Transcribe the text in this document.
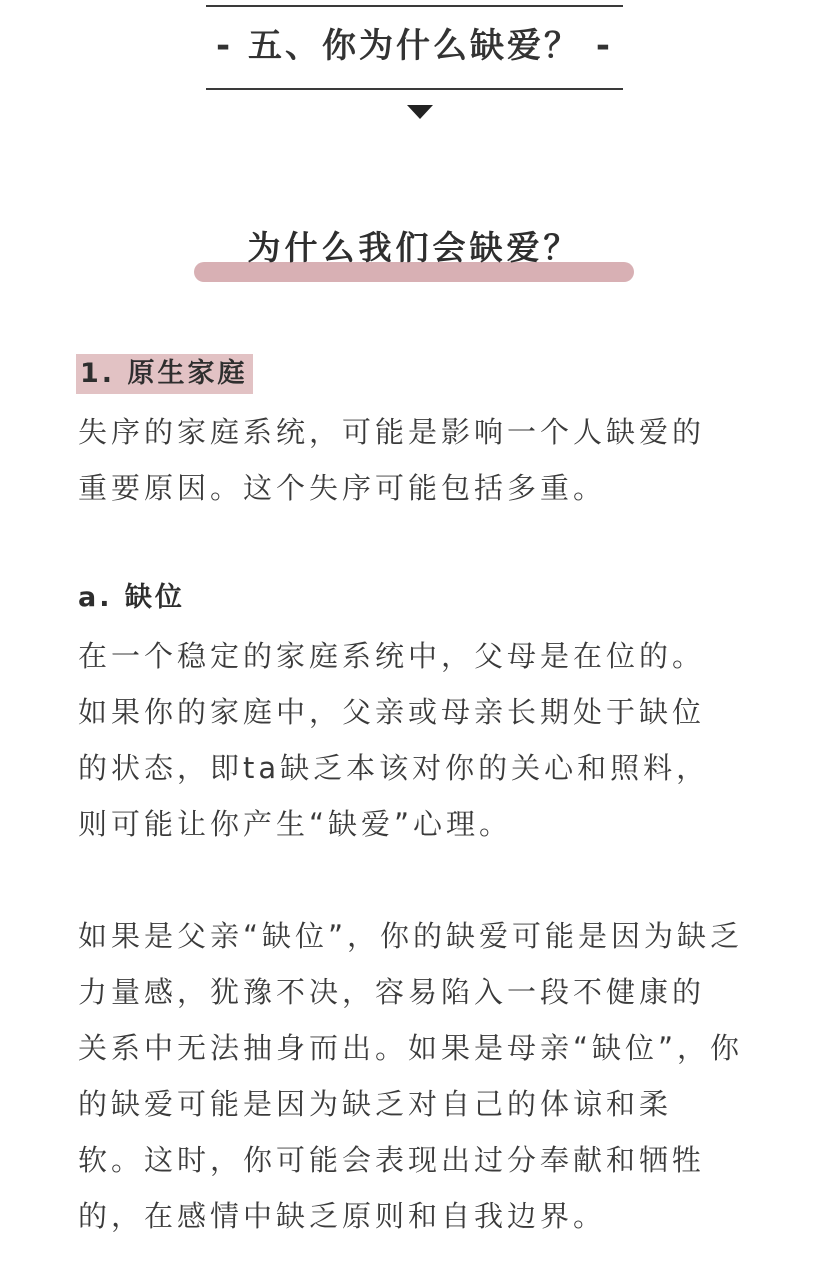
- 五、你为什么缺爱？ -
为什么我们会缺爱？
1. 原生家庭
失序的家庭系统，可能是影响一个人缺爱的
重要原因。这个失序可能包括多重。
a. 缺位
在一个稳定的家庭系统中，父母是在位的。
如果你的家庭中，父亲或母亲长期处于缺位
的状态，即ta缺乏本该对你的关心和照料，
则可能让你产生“缺爱”心理。
如果是父亲“缺位”，你的缺爱可能是因为缺乏
力量感，犹豫不决，容易陷入一段不健康的
关系中无法抽身而出。如果是母亲“缺位”，你
的缺爱可能是因为缺乏对自己的体谅和柔
软。这时，你可能会表现出过分奉献和牺牲
的，在感情中缺乏原则和自我边界。
